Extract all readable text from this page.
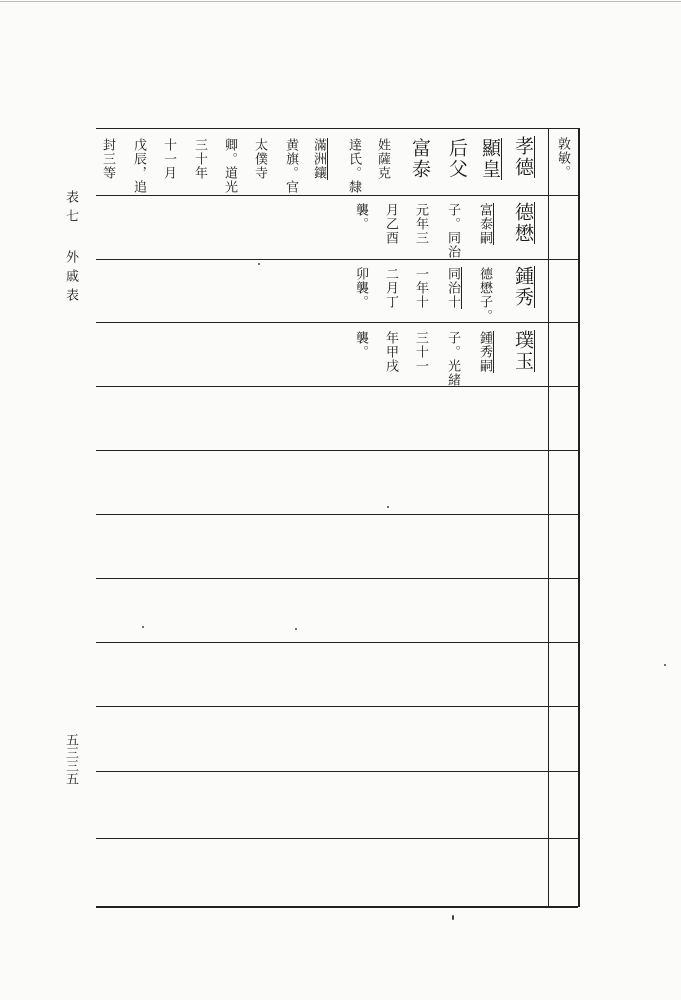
表七
外戚表
五三三五
敦敏。
孝德
顯皇
后父
富泰
姓薩克
達氏。隸
滿洲鑲
黄旗。官
太僕寺
卿。道光
三十年
十一月
戊辰，追
封三等
德懋
富泰嗣
子。同治
元年三
月乙酉
襲。
鍾秀
德懋子。
同治十
一年十
二月丁
卯襲。
璞玉
鍾秀嗣
子。光緒
三十一
年甲戌
襲。
